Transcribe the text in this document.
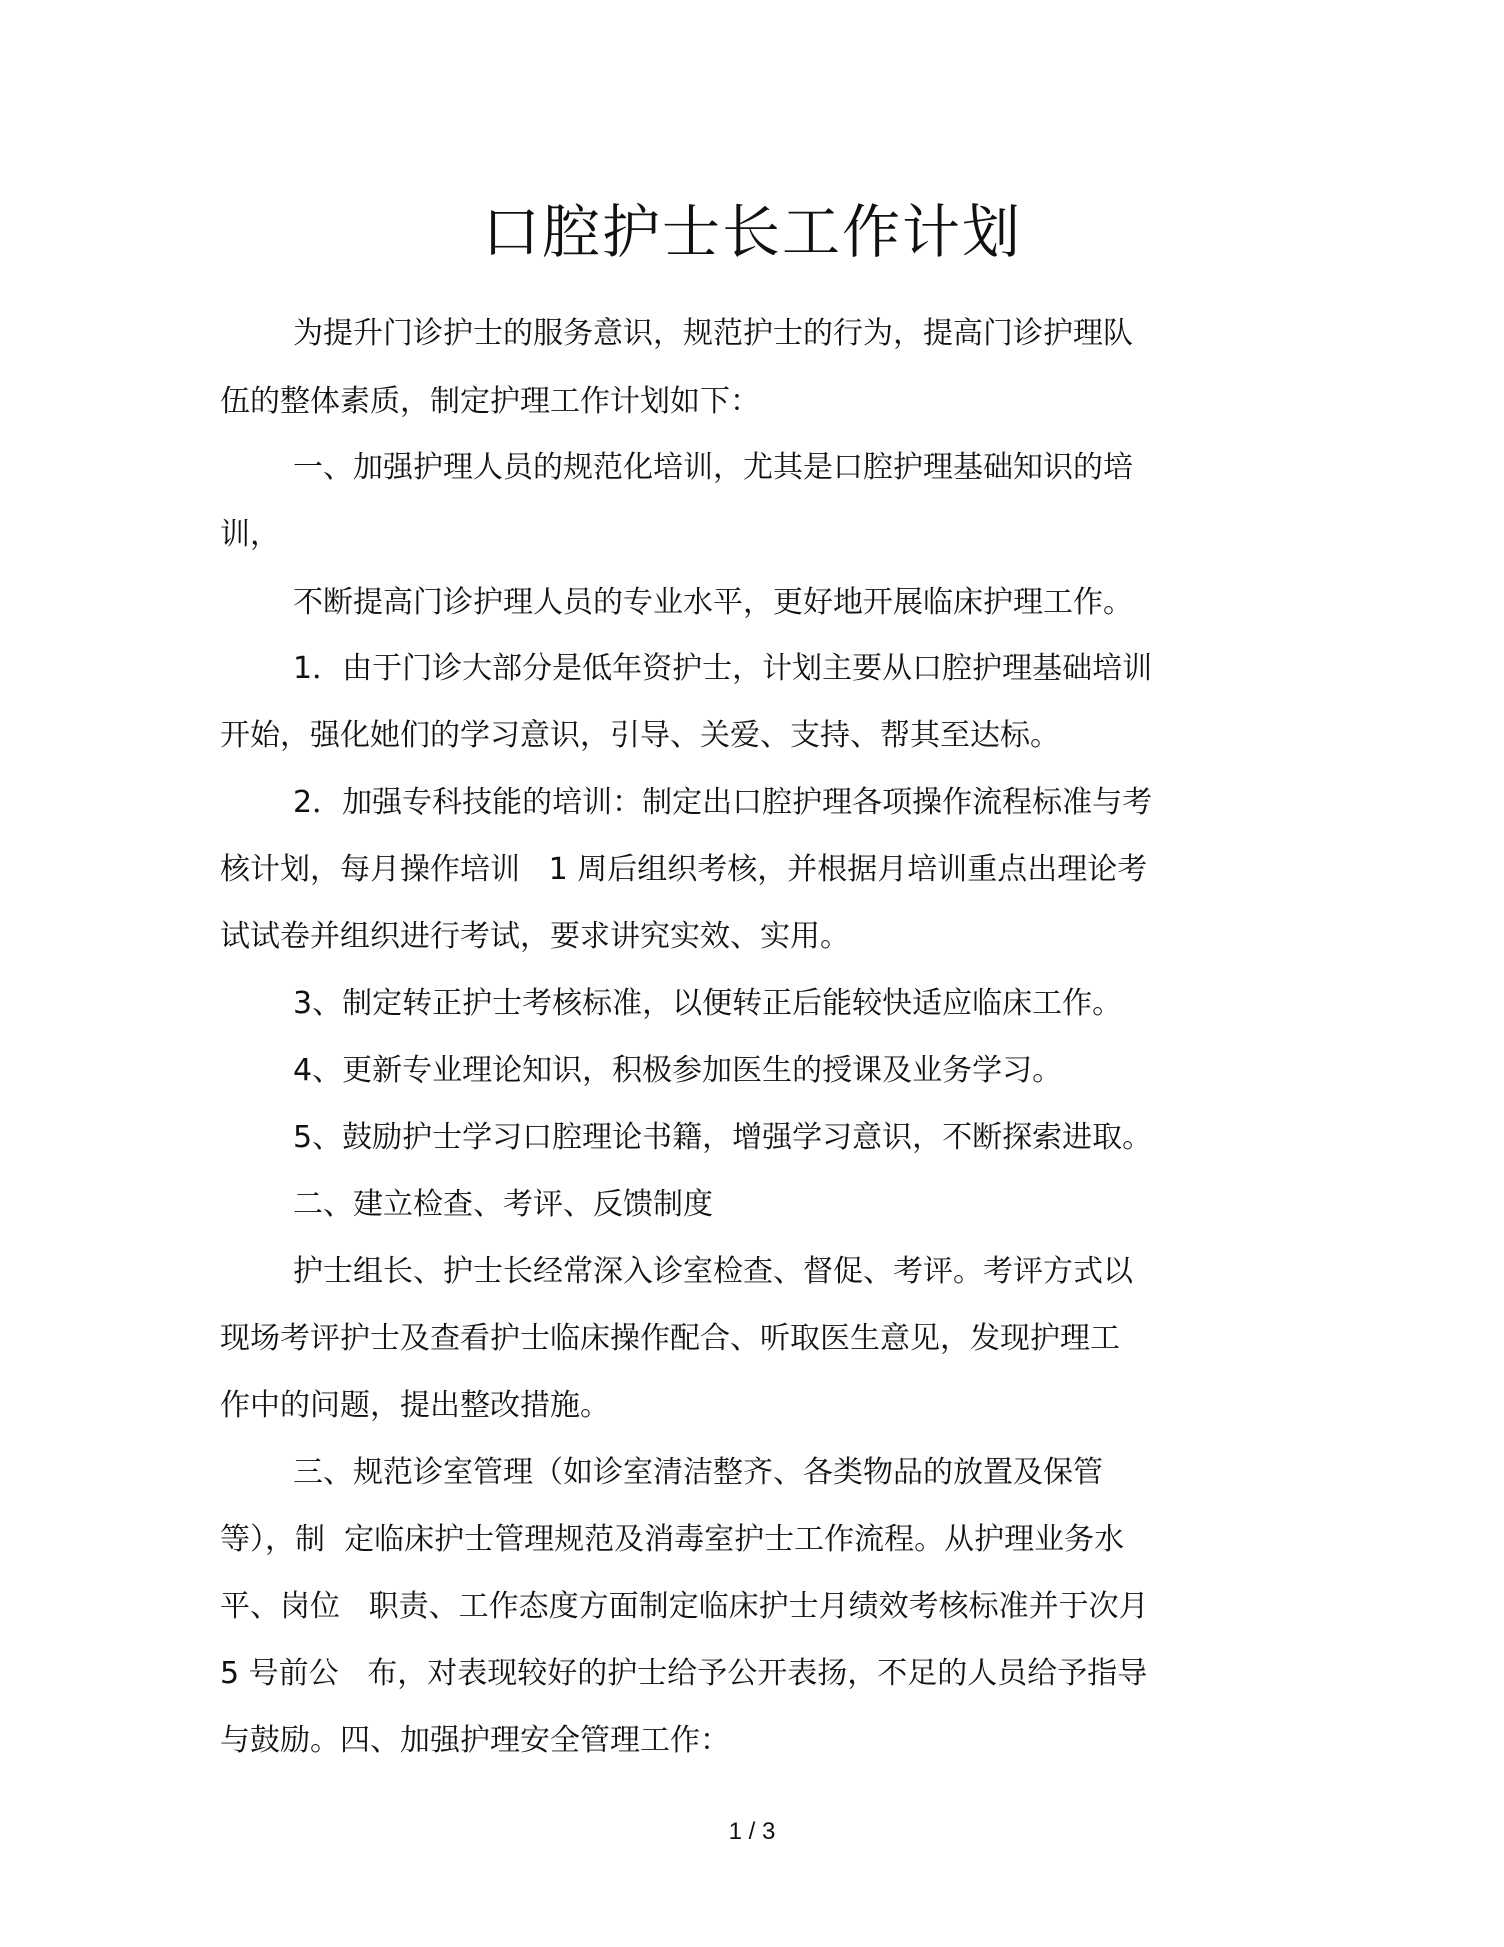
口腔护士长工作计划
为提升门诊护士的服务意识，规范护士的行为，提高门诊护理队
伍的整体素质，制定护理工作计划如下：
一、加强护理人员的规范化培训，尤其是口腔护理基础知识的培
训，
不断提高门诊护理人员的专业水平，更好地开展临床护理工作。
1．由于门诊大部分是低年资护士，计划主要从口腔护理基础培训
开始，强化她们的学习意识，引导、关爱、支持、帮其至达标。
2．加强专科技能的培训：制定出口腔护理各项操作流程标准与考
核计划，每月操作培训   1 周后组织考核，并根据月培训重点出理论考
试试卷并组织进行考试，要求讲究实效、实用。
3、制定转正护士考核标准，以便转正后能较快适应临床工作。
4、更新专业理论知识，积极参加医生的授课及业务学习。
5、鼓励护士学习口腔理论书籍，增强学习意识，不断探索进取。
二、建立检查、考评、反馈制度
护士组长、护士长经常深入诊室检查、督促、考评。考评方式以
现场考评护士及查看护士临床操作配合、听取医生意见，发现护理工
作中的问题，提出整改措施。
三、规范诊室管理（如诊室清洁整齐、各类物品的放置及保管
等），制  定临床护士管理规范及消毒室护士工作流程。从护理业务水
平、岗位   职责、工作态度方面制定临床护士月绩效考核标准并于次月
5 号前公   布，对表现较好的护士给予公开表扬，不足的人员给予指导
与鼓励。四、加强护理安全管理工作：
1 / 3
